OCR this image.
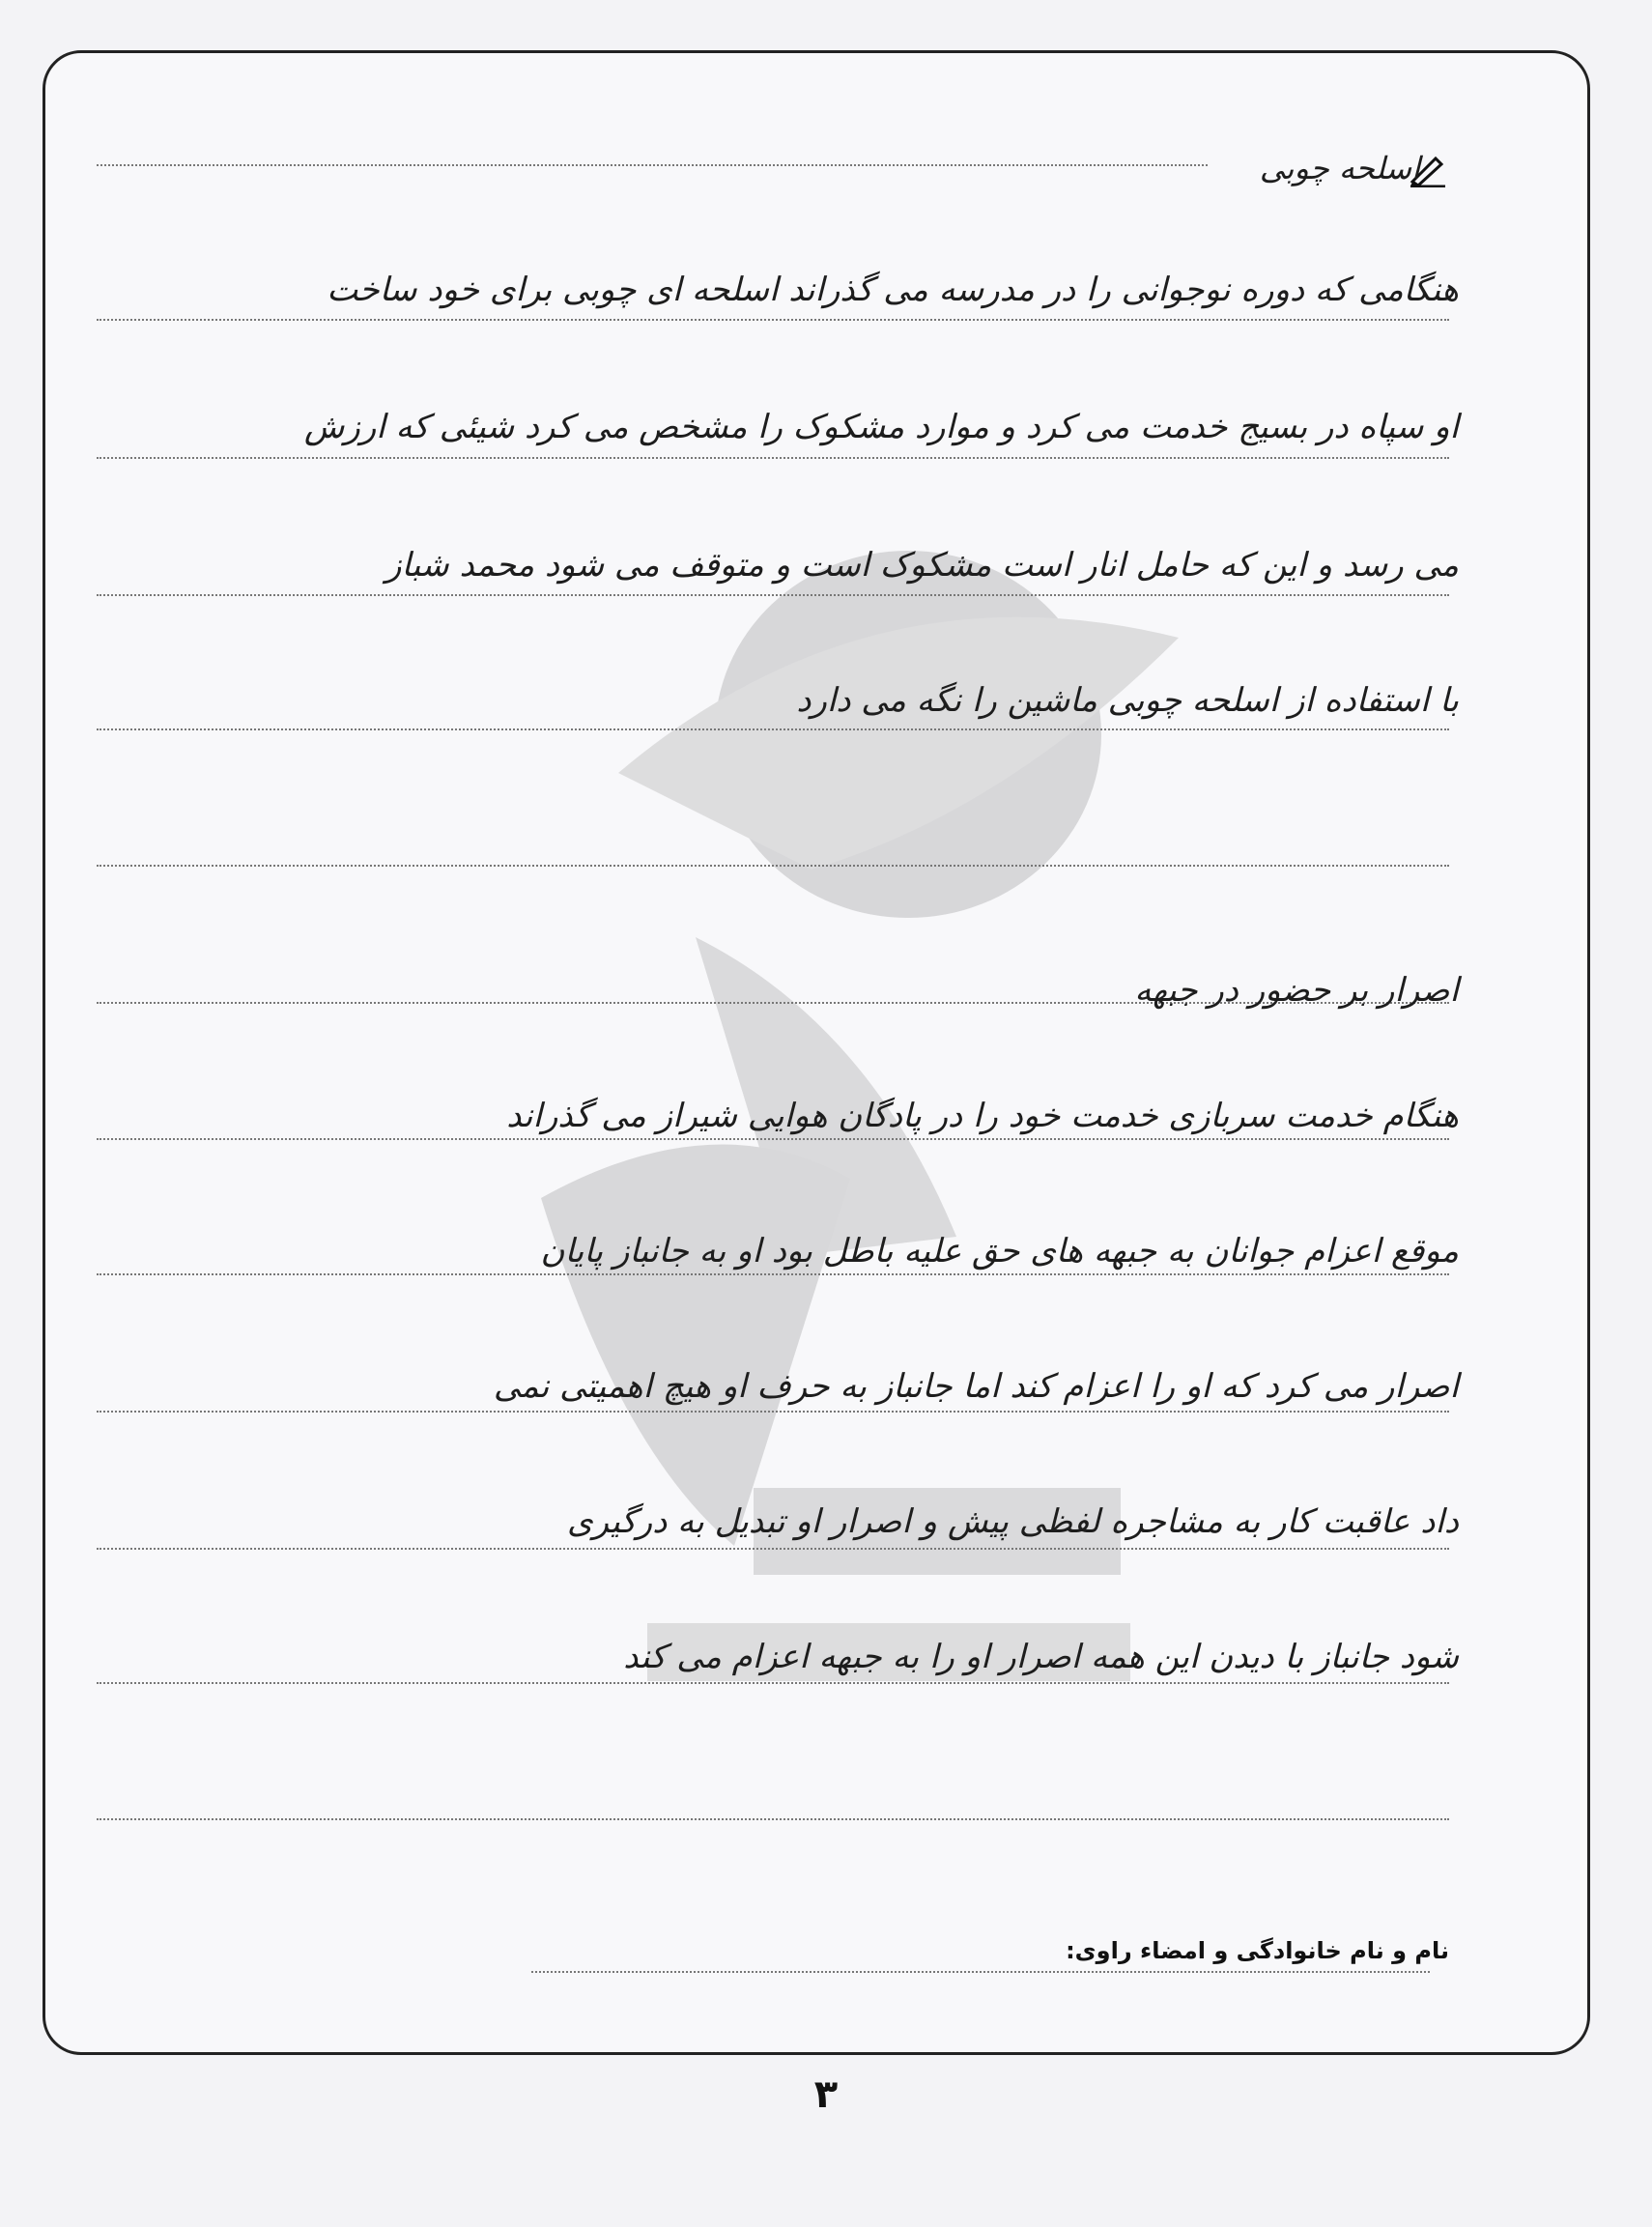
اسلحه چوبی
هنگامی که دوره نوجوانی را در مدرسه می گذراند اسلحه ای چوبی برای خود ساخت
او سپاه در بسیج خدمت می کرد و موارد مشکوک را مشخص می کرد شیئی که ارزش
می رسد و این که حامل انار است مشکوک است و متوقف می شود محمد شباز
با استفاده از اسلحه چوبی ماشین را نگه می دارد
اصرار بر حضور در جبهه
هنگام خدمت سربازی خدمت خود را در پادگان هوایی شیراز می گذراند
موقع اعزام جوانان به جبهه های حق علیه باطل بود او به جانباز پایان
اصرار می کرد که او را اعزام کند اما جانباز به حرف او هیچ اهمیتی نمی
داد عاقبت کار به مشاجره لفظی پیش و اصرار او تبدیل به درگیری
شود جانباز با دیدن این همه اصرار او را به جبهه اعزام می کند
نام و نام خانوادگی و امضاء راوی:
۳
